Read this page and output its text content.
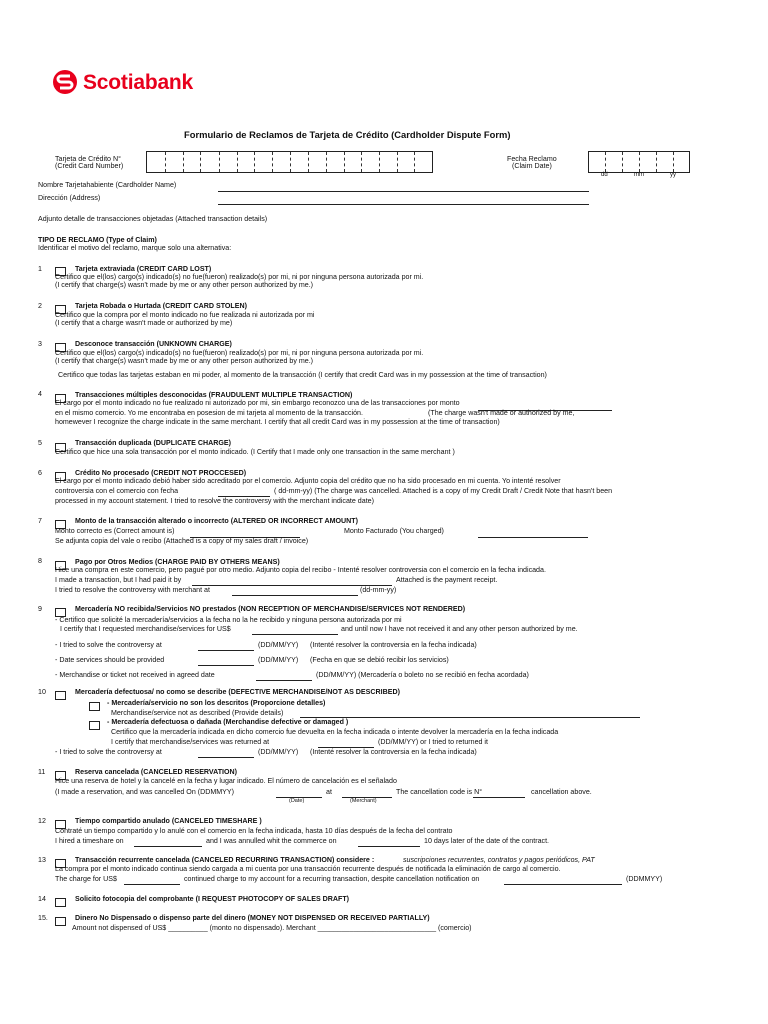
Scotiabank
Formulario de Reclamos de Tarjeta de Crédito (Cardholder Dispute Form)
Tarjeta de Crédito N°
(Credit Card Number)
Fecha Reclamo
(Claim Date)
dd	mm	yy
Nombre Tarjetahabiente (Cardholder Name)
Dirección (Address)
Adjunto detalle de transacciones objetadas (Attached transaction details)
TIPO DE RECLAMO (Type of Claim)
Identificar el motivo del reclamo, marque solo una alternativa:
1	Tarjeta extraviada (CREDIT CARD LOST)
Certifico que el(los) cargo(s) indicado(s) no fue(fueron) realizado(s) por mi, ni por ninguna persona autorizada por mi.
(I certify that charge(s) wasn't made by me or any other person authorized by me.)
2	Tarjeta Robada o Hurtada (CREDIT CARD STOLEN)
Certifico que la compra por el monto indicado no fue realizada ni autorizada por mi
(I certify that a charge wasn't made or authorized by me)
3	Desconoce transacción (UNKNOWN CHARGE)
Certifico que el(los) cargo(s) indicado(s) no fue(fueron) realizado(s) por mi, ni por ninguna persona autorizada por mi.
(I certify that charge(s) wasn't made by me or any other person authorized by me.)
Certifico que todas las tarjetas estaban en mi poder, al momento de la transacción (I certify that credit Card was in my possession at the time of transaction)
4	Transacciones múltiples desconocidas (FRAUDULENT MULTIPLE TRANSACTION)
El cargo por el monto indicado no fue realizado ni autorizado por mi, sin embargo reconozco una de las transacciones por monto
en el mismo comercio. Yo me encontraba en posesion de mi tarjeta al momento de la transacción.	(The charge wasn't made or authorized by me,
homewever I recognize the charge indicate in the same merchant. I certify that all credit Card was in my possession at the time of transaction)
5	Transacción duplicada (DUPLICATE CHARGE)
Certifico que hice una sola transacción por el monto indicado. (I Certify that I made only one transaction in the same merchant )
6	Crédito No procesado (CREDIT NOT PROCCESED)
El cargo por el monto indicado debió haber sido acreditado por el comercio. Adjunto copia del crédito que no ha sido procesado en mi cuenta. Yo intenté resolver
controversia con el comercio con fecha	( dd-mm-yy) (The charge was cancelled. Attached is a copy of my Credit Draft / Credit Note that hasn't been
processed in my account statement. I tried to resolve the controversy with the merchant indicate date)
7	Monto de la transacción alterado o incorrecto (ALTERED OR INCORRECT AMOUNT)
Monto correcto es (Correct amount is)	Monto Facturado (You charged)
Se adjunta copia del vale o recibo (Attached is a copy of my sales draft / invoice)
8	Pago por Otros Medios (CHARGE PAID BY OTHERS MEANS)
Hice una compra en este comercio, pero pagué por otro medio. Adjunto copia del recibo - Intenté resolver controversia con el comercio en la fecha indicada.
I made a transaction, but I had paid it by	Attached is the payment receipt.
I tried to resolve the controversy with merchant at	(dd-mm-yy)
9	Mercadería NO recibida/Servicios NO prestados (NON RECEPTION OF MERCHANDISE/SERVICES NOT RENDERED)
- Certifico que solicité la mercadería/servicios a la fecha no la he recibido y ninguna persona autorizada por mi
I certify that I requested merchandise/services for US$	and until now I have not received it and any other person authorized by me.
- I tried to solve the controversy at	(DD/MM/YY) (Intenté resolver la controversia en la fecha indicada)
- Date services should be provided	(DD/MM/YY) (Fecha en que se debió recibir los servicios)
- Merchandise or ticket not received in agreed date	(DD/MM/YY) (Mercadería o boleto no se recibió en fecha acordada)
10	Mercadería defectuosa/ no como se describe (DEFECTIVE MERCHANDISE/NOT AS DESCRIBED)
- Mercadería/servicio no son los descritos (Proporcione detalles)
Merchandise/service not as described (Provide details)
- Mercadería defectuosa o dañada (Merchandise defective or damaged )
Certifico que la mercadería indicada en dicho comercio fue devuelta en la fecha indicada o intente devolver la mercadería en la fecha indicada
I certify that merchandise/services was returned at	(DD/MM/YY) or I tried to returned it
- I tried to solve the controversy at	(DD/MM/YY) (Intenté resolver la controversia en la fecha indicada)
11	Reserva cancelada (CANCELED RESERVATION)
Hice una reserva de hotel y la cancelé en la fecha y lugar indicado. El número de cancelación es el señalado
(I made a reservation, and was cancelled On (DDMMYY)	at	The cancellation code is N°	cancellation above.
(Date)	(Merchant)
12	Tiempo compartido anulado (CANCELED TIMESHARE )
Contraté un tiempo compartido y lo anulé con el comercio en la fecha indicada, hasta 10 días después de la fecha del contrato
I hired a timeshare on	and I was annulled whit the commerce on	10 days later of the date of the contract.
13	Transacción recurrente cancelada (CANCELED RECURRING TRANSACTION) considere :	suscripciones recurrentes, contratos y pagos periódicos, PAT
La compra por el monto indicado continua siendo cargada a mi cuenta por una transacción recurrente después de notificada la eliminación de cargo al comercio.
The charge for US$	continued charge to my account for a recurring transaction, despite cancellation notification on	(DDMMYY)
14	Solicito fotocopia del comprobante (I REQUEST PHOTOCOPY OF SALES DRAFT)
15.	Dinero No Dispensado o dispenso parte del dinero (MONEY NOT DISPENSED OR RECEIVED PARTIALLY)
Amount not dispensed of US$ __________ (monto no dispensado). Merchant ______________________________ (comercio)
